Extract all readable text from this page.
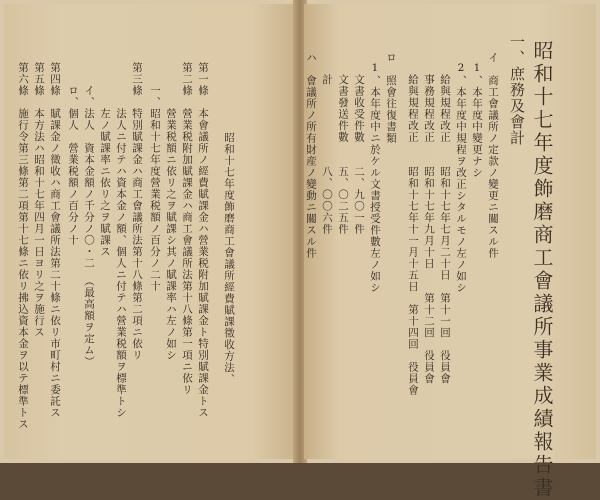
昭和十七年度飾磨商工會議所經費賦課徵收方法、
第一條　本會議所ノ經費賦課金ハ營業税附加賦課金ト特別賦課金トス
第二條　營業税附加賦課金ハ商工會議所法第十八條第一項ニ依リ
　　　　營業税額ニ依リ之ヲ賦課シ其ノ賦課率ハ左ノ如シ
　　一、昭和十七年度營業税額ノ百分ノ二十
第三條　特別賦課金ハ商工會議所法第十八條第二項ニ依リ
　　　　法人ニ付テハ資本金ノ額、個人ニ付テハ營業税額ヲ標準トシ
　　　　左ノ賦課率ニ依リ之ヲ賦課ス
　　イ、法人　資本金額ノ千分ノ〇・二　（最高額ヲ定ム）
　　ロ、個人　營業税額ノ百分ノ十
第四條　賦課金ノ徵收ハ商工會議所法第二十條ニ依リ市町村ニ委託ス
第五條　本方法ハ昭和十七年四月一日ヨリ之ヲ施行ス
第六條　施行令第三條第二項第十七條ニ依リ拂込資本金ヲ以テ標準トス	昭和十七年度飾磨商工會議所事業成績報告書
一、庶務及會計
イ　商工會議所ノ定款ノ變更ニ關スル件
1、本年度中變更ナシ
2、本年度中規程ヲ改正シタルモノ左ノ如シ
給與規程改正　　昭和十七年七月二十日　第十一回　役員會
事務規程改正　　昭和十七年九月十日　　第十二回　役員會
給與規程改正　　昭和十七年十一月十五日　第十四回　役員會
ロ　照會往復書類
1、本年度中ニ於ケル文書授受件數左ノ如シ
文書收受件數　　二、九〇一件
文書發送件數　　五、〇二五件
計　　　　　　　八、〇〇六件
ハ　會議所ノ所有財産ノ變動ニ關スル件
